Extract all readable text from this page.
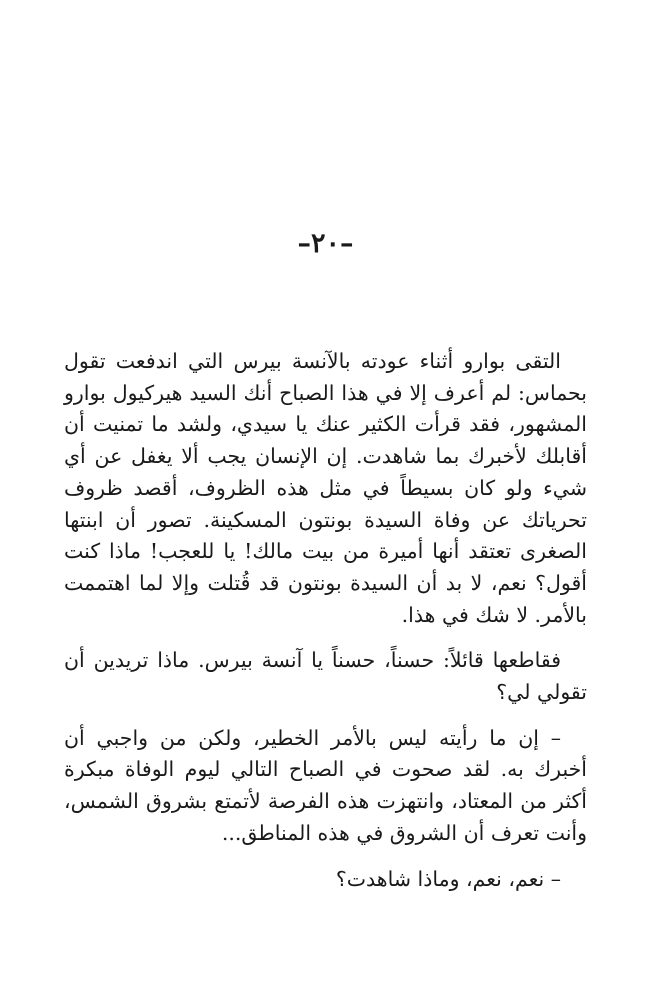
–٢٠–

التقى بوارو أثناء عودته بالآنسة بيرس التي اندفعت تقول بحماس: لم أعرف إلا في هذا الصباح أنك السيد هيركيول بوارو المشهور، فقد قرأت الكثير عنك يا سيدي، ولشد ما تمنيت أن أقابلك لأخبرك بما شاهدت. إن الإنسان يجب ألا يغفل عن أي شيء ولو كان بسيطاً في مثل هذه الظروف، أقصد ظروف تحرياتك عن وفاة السيدة بونتون المسكينة. تصور أن ابنتها الصغرى تعتقد أنها أميرة من بيت مالك! يا للعجب! ماذا كنت أقول؟ نعم، لا بد أن السيدة بونتون قد قُتلت وإلا لما اهتممت بالأمر. لا شك في هذا.

فقاطعها قائلاً: حسناً، حسناً يا آنسة بيرس. ماذا تريدين أن تقولي لي؟

– إن ما رأيته ليس بالأمر الخطير، ولكن من واجبي أن أخبرك به. لقد صحوت في الصباح التالي ليوم الوفاة مبكرة أكثر من المعتاد، وانتهزت هذه الفرصة لأتمتع بشروق الشمس، وأنت تعرف أن الشروق في هذه المناطق...

– نعم، نعم، وماذا شاهدت؟
